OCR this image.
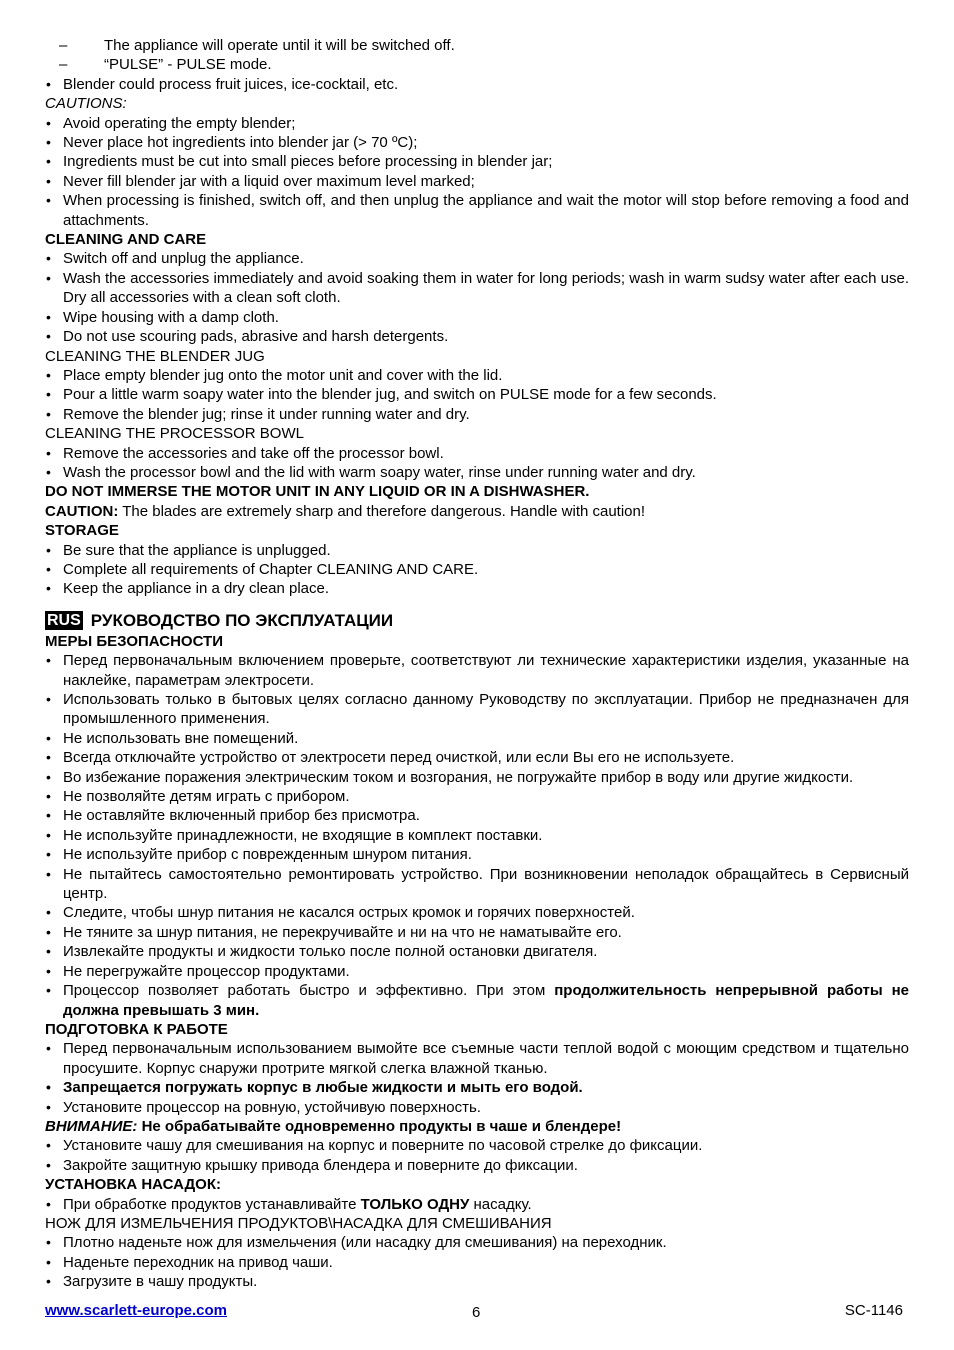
– The appliance will operate until it will be switched off.
– “PULSE” - PULSE mode.
• Blender could process fruit juices, ice-cocktail, etc.
CAUTIONS:
• Avoid operating the empty blender;
• Never place hot ingredients into blender jar (> 70 ºC);
• Ingredients must be cut into small pieces before processing in blender jar;
• Never fill blender jar with a liquid over maximum level marked;
• When processing is finished, switch off, and then unplug the appliance and wait the motor will stop before removing a food and attachments.
CLEANING AND CARE
• Switch off and unplug the appliance.
• Wash the accessories immediately and avoid soaking them in water for long periods; wash in warm sudsy water after each use. Dry all accessories with a clean soft cloth.
• Wipe housing with a damp cloth.
• Do not use scouring pads, abrasive and harsh detergents.
CLEANING THE BLENDER JUG
• Place empty blender jug onto the motor unit and cover with the lid.
• Pour a little warm soapy water into the blender jug, and switch on PULSE mode for a few seconds.
• Remove the blender jug; rinse it under running water and dry.
CLEANING THE PROCESSOR BOWL
• Remove the accessories and take off the processor bowl.
• Wash the processor bowl and the lid with warm soapy water, rinse under running water and dry.
DO NOT IMMERSE THE MOTOR UNIT IN ANY LIQUID OR IN A DISHWASHER.
CAUTION: The blades are extremely sharp and therefore dangerous. Handle with caution!
STORAGE
• Be sure that the appliance is unplugged.
• Complete all requirements of Chapter CLEANING AND CARE.
• Keep the appliance in a dry clean place.
RUS РУКОВОДСТВО ПО ЭКСПЛУАТАЦИИ
МЕРЫ БЕЗОПАСНОСТИ
• Перед первоначальным включением проверьте, соответствуют ли технические характеристики изделия, указанные на наклейке, параметрам электросети.
• Использовать только в бытовых целях согласно данному Руководству по эксплуатации. Прибор не предназначен для промышленного применения.
• Не использовать вне помещений.
• Всегда отключайте устройство от электросети перед очисткой, или если Вы его не используете.
• Во избежание поражения электрическим током и возгорания, не погружайте прибор в воду или другие жидкости.
• Не позволяйте детям играть с прибором.
• Не оставляйте включенный прибор без присмотра.
• Не используйте принадлежности, не входящие в комплект поставки.
• Не используйте прибор с поврежденным шнуром питания.
• Не пытайтесь самостоятельно ремонтировать устройство. При возникновении неполадок обращайтесь в Сервисный центр.
• Следите, чтобы шнур питания не касался острых кромок и горячих поверхностей.
• Не тяните за шнур питания, не перекручивайте и ни на что не наматывайте его.
• Извлекайте продукты и жидкости только после полной остановки двигателя.
• Не перегружайте процессор продуктами.
• Процессор позволяет работать быстро и эффективно. При этом продолжительность непрерывной работы не должна превышать 3 мин.
ПОДГОТОВКА К РАБОТЕ
• Перед первоначальным использованием вымойте все съемные части теплой водой с моющим средством и тщательно просушите. Корпус снаружи протрите мягкой слегка влажной тканью.
• Запрещается погружать корпус в любые жидкости и мыть его водой.
• Установите процессор на ровную, устойчивую поверхность.
ВНИМАНИЕ: Не обрабатывайте одновременно продукты в чаше и блендере!
• Установите чашу для смешивания на корпус и поверните по часовой стрелке до фиксации.
• Закройте защитную крышку привода блендера и поверните до фиксации.
УСТАНОВКА НАСАДОК:
• При обработке продуктов устанавливайте ТОЛЬКО ОДНУ насадку.
НОЖ ДЛЯ ИЗМЕЛЬЧЕНИЯ ПРОДУКТОВ\НАСАДКА ДЛЯ СМЕШИВАНИЯ
• Плотно наденьте нож для измельчения (или насадку для смешивания) на переходник.
• Наденьте переходник на привод чаши.
• Загрузите в чашу продукты.
www.scarlett-europe.com	6	SC-1146
